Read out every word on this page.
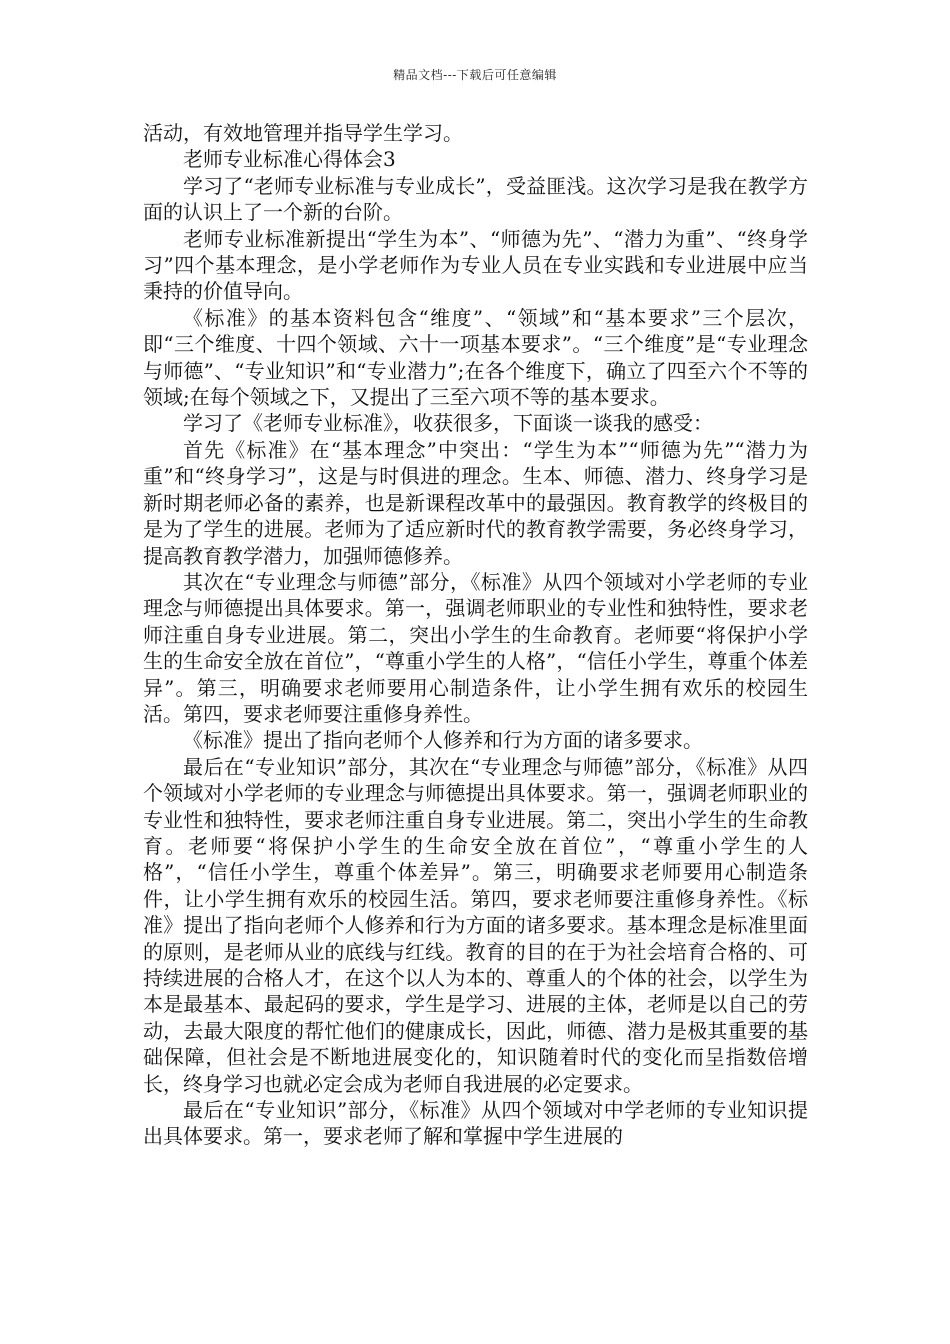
精品文档---下载后可任意编辑

活动，有效地管理并指导学生学习。

老师专业标准心得体会3

学习了“老师专业标准与专业成长”，受益匪浅。这次学习是我在教学方面的认识上了一个新的台阶。

老师专业标准新提出“学生为本”、“师德为先”、“潜力为重”、“终身学习”四个基本理念，是小学老师作为专业人员在专业实践和专业进展中应当秉持的价值导向。

《标准》的基本资料包含“维度”、“领域”和“基本要求”三个层次，即“三个维度、十四个领域、六十一项基本要求”。“三个维度”是“专业理念与师德”、“专业知识”和“专业潜力”;在各个维度下，确立了四至六个不等的领域;在每个领域之下，又提出了三至六项不等的基本要求。

学习了《老师专业标准》，收获很多，下面谈一谈我的感受：

首先《标准》在“基本理念”中突出：“学生为本”“师德为先”“潜力为重”和“终身学习”，这是与时俱进的理念。生本、师德、潜力、终身学习是新时期老师必备的素养，也是新课程改革中的最强因。教育教学的终极目的是为了学生的进展。老师为了适应新时代的教育教学需要，务必终身学习，提高教育教学潜力，加强师德修养。

其次在“专业理念与师德”部分，《标准》从四个领域对小学老师的专业理念与师德提出具体要求。第一，强调老师职业的专业性和独特性，要求老师注重自身专业进展。第二，突出小学生的生命教育。老师要“将保护小学生的生命安全放在首位”，“尊重小学生的人格”，“信任小学生，尊重个体差异”。第三，明确要求老师要用心制造条件，让小学生拥有欢乐的校园生活。第四，要求老师要注重修身养性。

《标准》提出了指向老师个人修养和行为方面的诸多要求。

最后在“专业知识”部分，其次在“专业理念与师德”部分，《标准》从四个领域对小学老师的专业理念与师德提出具体要求。第一，强调老师职业的专业性和独特性，要求老师注重自身专业进展。第二，突出小学生的生命教育。老师要“将保护小学生的生命安全放在首位”，“尊重小学生的人格”，“信任小学生，尊重个体差异”。第三，明确要求老师要用心制造条件，让小学生拥有欢乐的校园生活。第四，要求老师要注重修身养性。《标准》提出了指向老师个人修养和行为方面的诸多要求。基本理念是标准里面的原则，是老师从业的底线与红线。教育的目的在于为社会培育合格的、可持续进展的合格人才，在这个以人为本的、尊重人的个体的社会，以学生为本是最基本、最起码的要求，学生是学习、进展的主体，老师是以自己的劳动，去最大限度的帮忙他们的健康成长，因此，师德、潜力是极其重要的基础保障，但社会是不断地进展变化的，知识随着时代的变化而呈指数倍增长，终身学习也就必定会成为老师自我进展的必定要求。

最后在“专业知识”部分，《标准》从四个领域对中学老师的专业知识提出具体要求。第一，要求老师了解和掌握中学生进展的
